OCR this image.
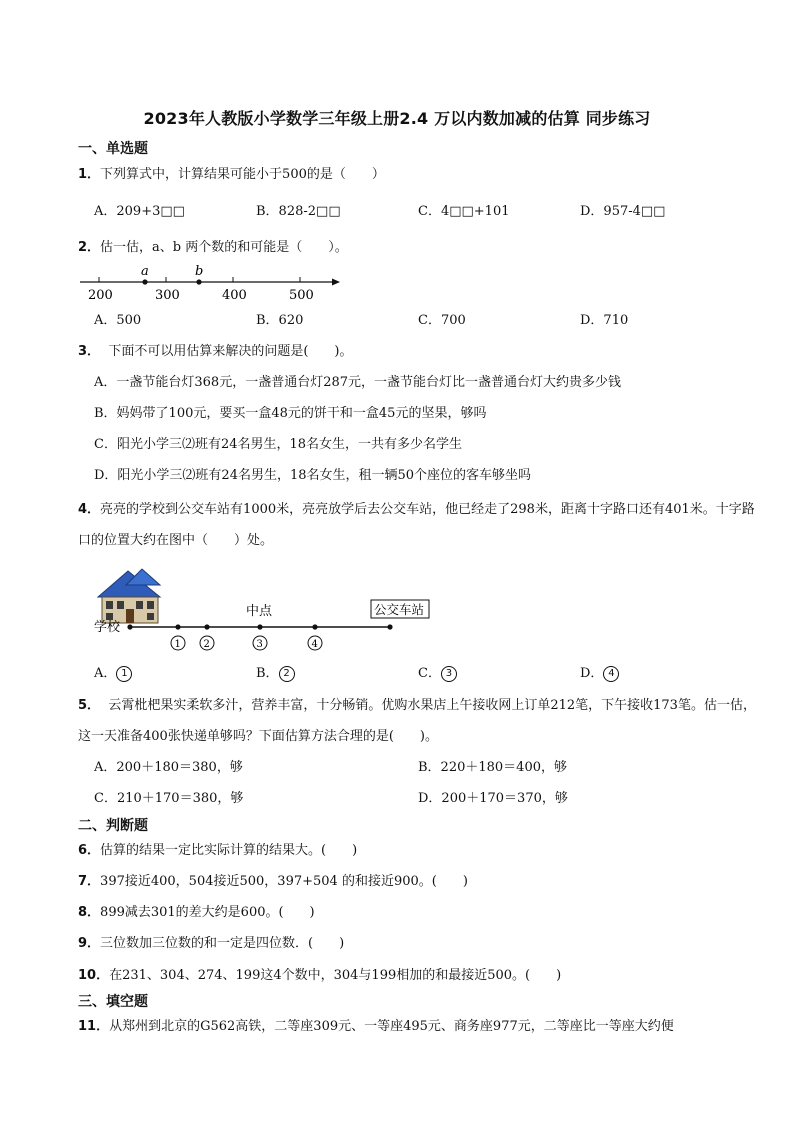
2023年人教版小学数学三年级上册2.4 万以内数加减的估算 同步练习
一、单选题
1．下列算式中，计算结果可能小于500的是（　　）
A．209+3□□	B．828-2□□	C．4□□+101	D．957-4□□
2．估一估，a、b 两个数的和可能是（　　）。
a	b
200	300	400	500
A．500	B．620	C．700	D．710
3． 下面不可以用估算来解决的问题是(　　)。
A．一盏节能台灯368元，一盏普通台灯287元，一盏节能台灯比一盏普通台灯大约贵多少钱
B．妈妈带了100元，要买一盒48元的饼干和一盒45元的坚果，够吗
C．阳光小学三⑵班有24名男生，18名女生，一共有多少名学生
D．阳光小学三⑵班有24名男生，18名女生，租一辆50个座位的客车够坐吗
4．亮亮的学校到公交车站有1000米，亮亮放学后去公交车站，他已经走了298米，距离十字路口还有401米。十字路口的位置大约在图中（　　）处。
学校
中点	公交车站
1 2	3	4
A． 1	B． 2	C． 3	D． 4
5． 云霄枇杷果实柔软多汁，营养丰富，十分畅销。优购水果店上午接收网上订单212笔，下午接收173笔。估一估，这一天准备400张快递单够吗？下面估算方法合理的是(　　)。
A．200＋180＝380，够	B．220＋180＝400，够
C．210＋170＝380，够	D．200＋170＝370，够
二、判断题
6．估算的结果一定比实际计算的结果大。(　　)
7．397接近400，504接近500，397+504 的和接近900。(　　)
8．899减去301的差大约是600。(　　)
9．三位数加三位数的和一定是四位数．(　　)
10．在231、304、274、199这4个数中，304与199相加的和最接近500。(　　)
三、填空题
11．从郑州到北京的G562高铁，二等座309元、一等座495元、商务座977元，二等座比一等座大约便
